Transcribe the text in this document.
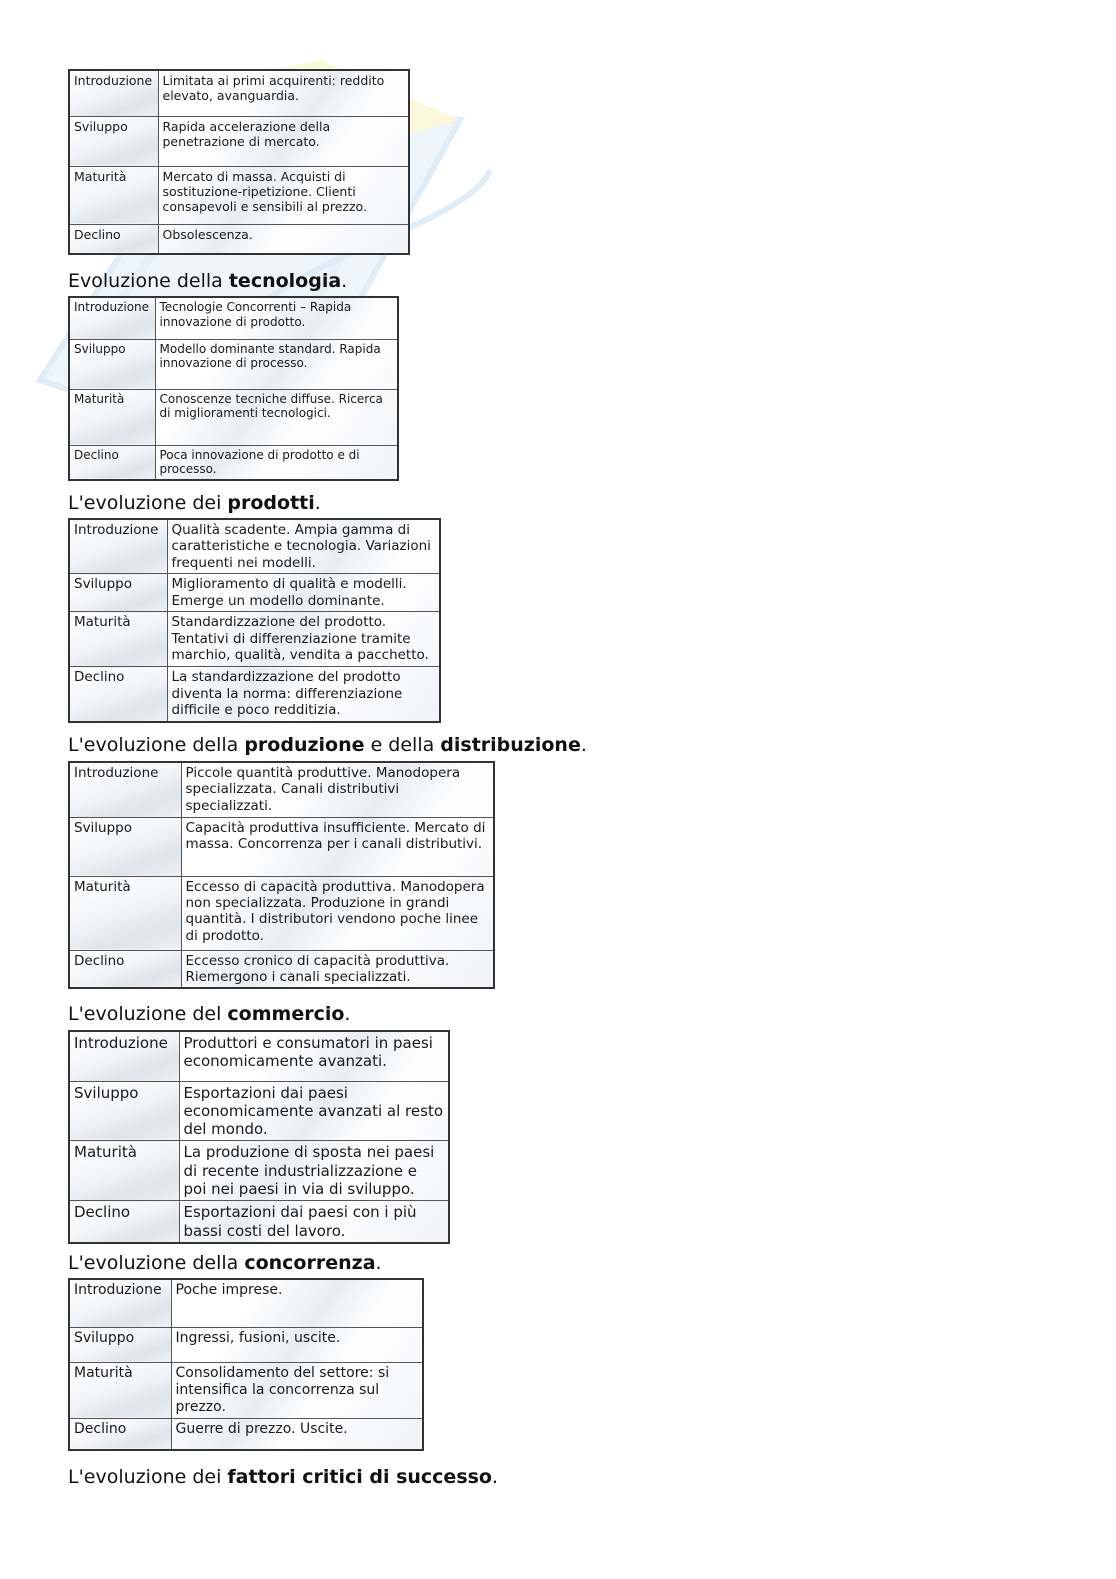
Introduzione	Limitata ai primi acquirenti: reddito elevato, avanguardia.
Sviluppo	Rapida accelerazione della penetrazione di mercato.
Maturità	Mercato di massa. Acquisti di sostituzione-ripetizione. Clienti consapevoli e sensibili al prezzo.
Declino	Obsolescenza.
Evoluzione della tecnologia.
Introduzione	Tecnologie Concorrenti – Rapida innovazione di prodotto.
Sviluppo	Modello dominante standard. Rapida innovazione di processo.
Maturità	Conoscenze tecniche diffuse. Ricerca di miglioramenti tecnologici.
Declino	Poca innovazione di prodotto e di processo.
L'evoluzione dei prodotti.
Introduzione	Qualità scadente. Ampia gamma di caratteristiche e tecnologia. Variazioni frequenti nei modelli.
Sviluppo	Miglioramento di qualità e modelli. Emerge un modello dominante.
Maturità	Standardizzazione del prodotto. Tentativi di differenziazione tramite marchio, qualità, vendita a pacchetto.
Declino	La standardizzazione del prodotto diventa la norma: differenziazione difficile e poco redditizia.
L'evoluzione della produzione e della distribuzione.
Introduzione	Piccole quantità produttive. Manodopera specializzata. Canali distributivi specializzati.
Sviluppo	Capacità produttiva insufficiente. Mercato di massa. Concorrenza per i canali distributivi.
Maturità	Eccesso di capacità produttiva. Manodopera non specializzata. Produzione in grandi quantità. I distributori vendono poche linee di prodotto.
Declino	Eccesso cronico di capacità produttiva. Riemergono i canali specializzati.
L'evoluzione del commercio.
Introduzione	Produttori e consumatori in paesi economicamente avanzati.
Sviluppo	Esportazioni dai paesi economicamente avanzati al resto del mondo.
Maturità	La produzione di sposta nei paesi di recente industrializzazione e poi nei paesi in via di sviluppo.
Declino	Esportazioni dai paesi con i più bassi costi del lavoro.
L'evoluzione della concorrenza.
Introduzione	Poche imprese.
Sviluppo	Ingressi, fusioni, uscite.
Maturità	Consolidamento del settore: si intensifica la concorrenza sul prezzo.
Declino	Guerre di prezzo. Uscite.
L'evoluzione dei fattori critici di successo.
